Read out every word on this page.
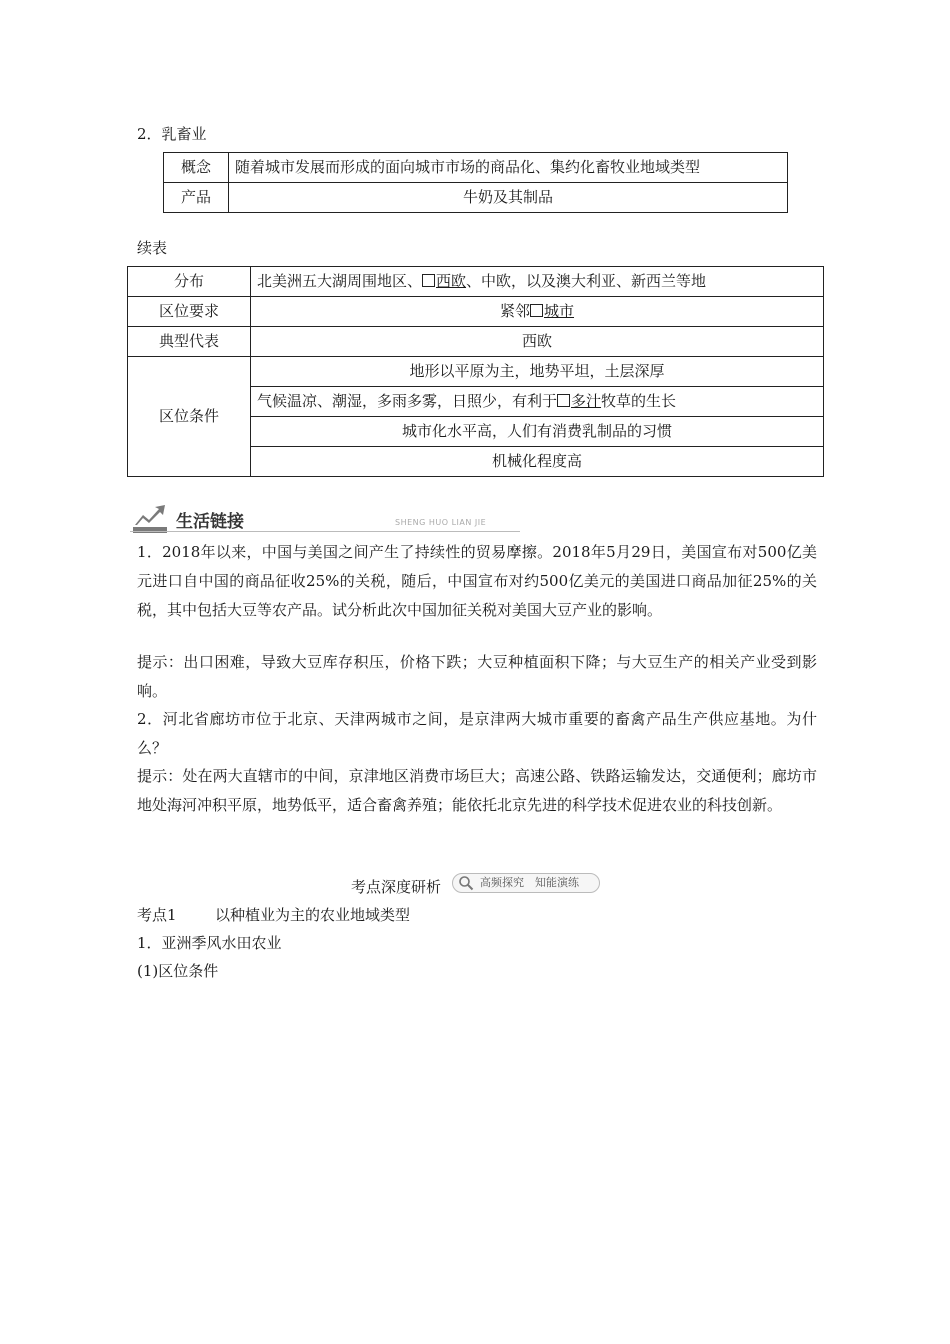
2．乳畜业
概念	随着城市发展而形成的面向城市市场的商品化、集约化畜牧业地域类型
产品	牛奶及其制品
续表
分布	北美洲五大湖周围地区、 西欧、中欧，以及澳大利亚、新西兰等地
区位要求	紧邻 城市
典型代表	西欧
区位条件	地形以平原为主，地势平坦，土层深厚
	气候温凉、潮湿，多雨多雾，日照少，有利于 多汁牧草的生长
	城市化水平高，人们有消费乳制品的习惯
	机械化程度高
生活链接	SHENG HUO LIAN JIE
1．2018年以来，中国与美国之间产生了持续性的贸易摩擦。2018年5月29日，美国宣布对500亿美元进口自中国的商品征收25%的关税，随后，中国宣布对约500亿美元的美国进口商品加征25%的关税，其中包括大豆等农产品。试分析此次中国加征关税对美国大豆产业的影响。
提示：出口困难，导致大豆库存积压，价格下跌；大豆种植面积下降；与大豆生产的相关产业受到影响。
2．河北省廊坊市位于北京、天津两城市之间，是京津两大城市重要的畜禽产品生产供应基地。为什么？
提示：处在两大直辖市的中间，京津地区消费市场巨大；高速公路、铁路运输发达，交通便利；廊坊市地处海河冲积平原，地势低平，适合畜禽养殖；能依托北京先进的科学技术促进农业的科技创新。
考点深度研析	高频探究　知能演练
考点1	以种植业为主的农业地域类型
1．亚洲季风水田农业
(1)区位条件
